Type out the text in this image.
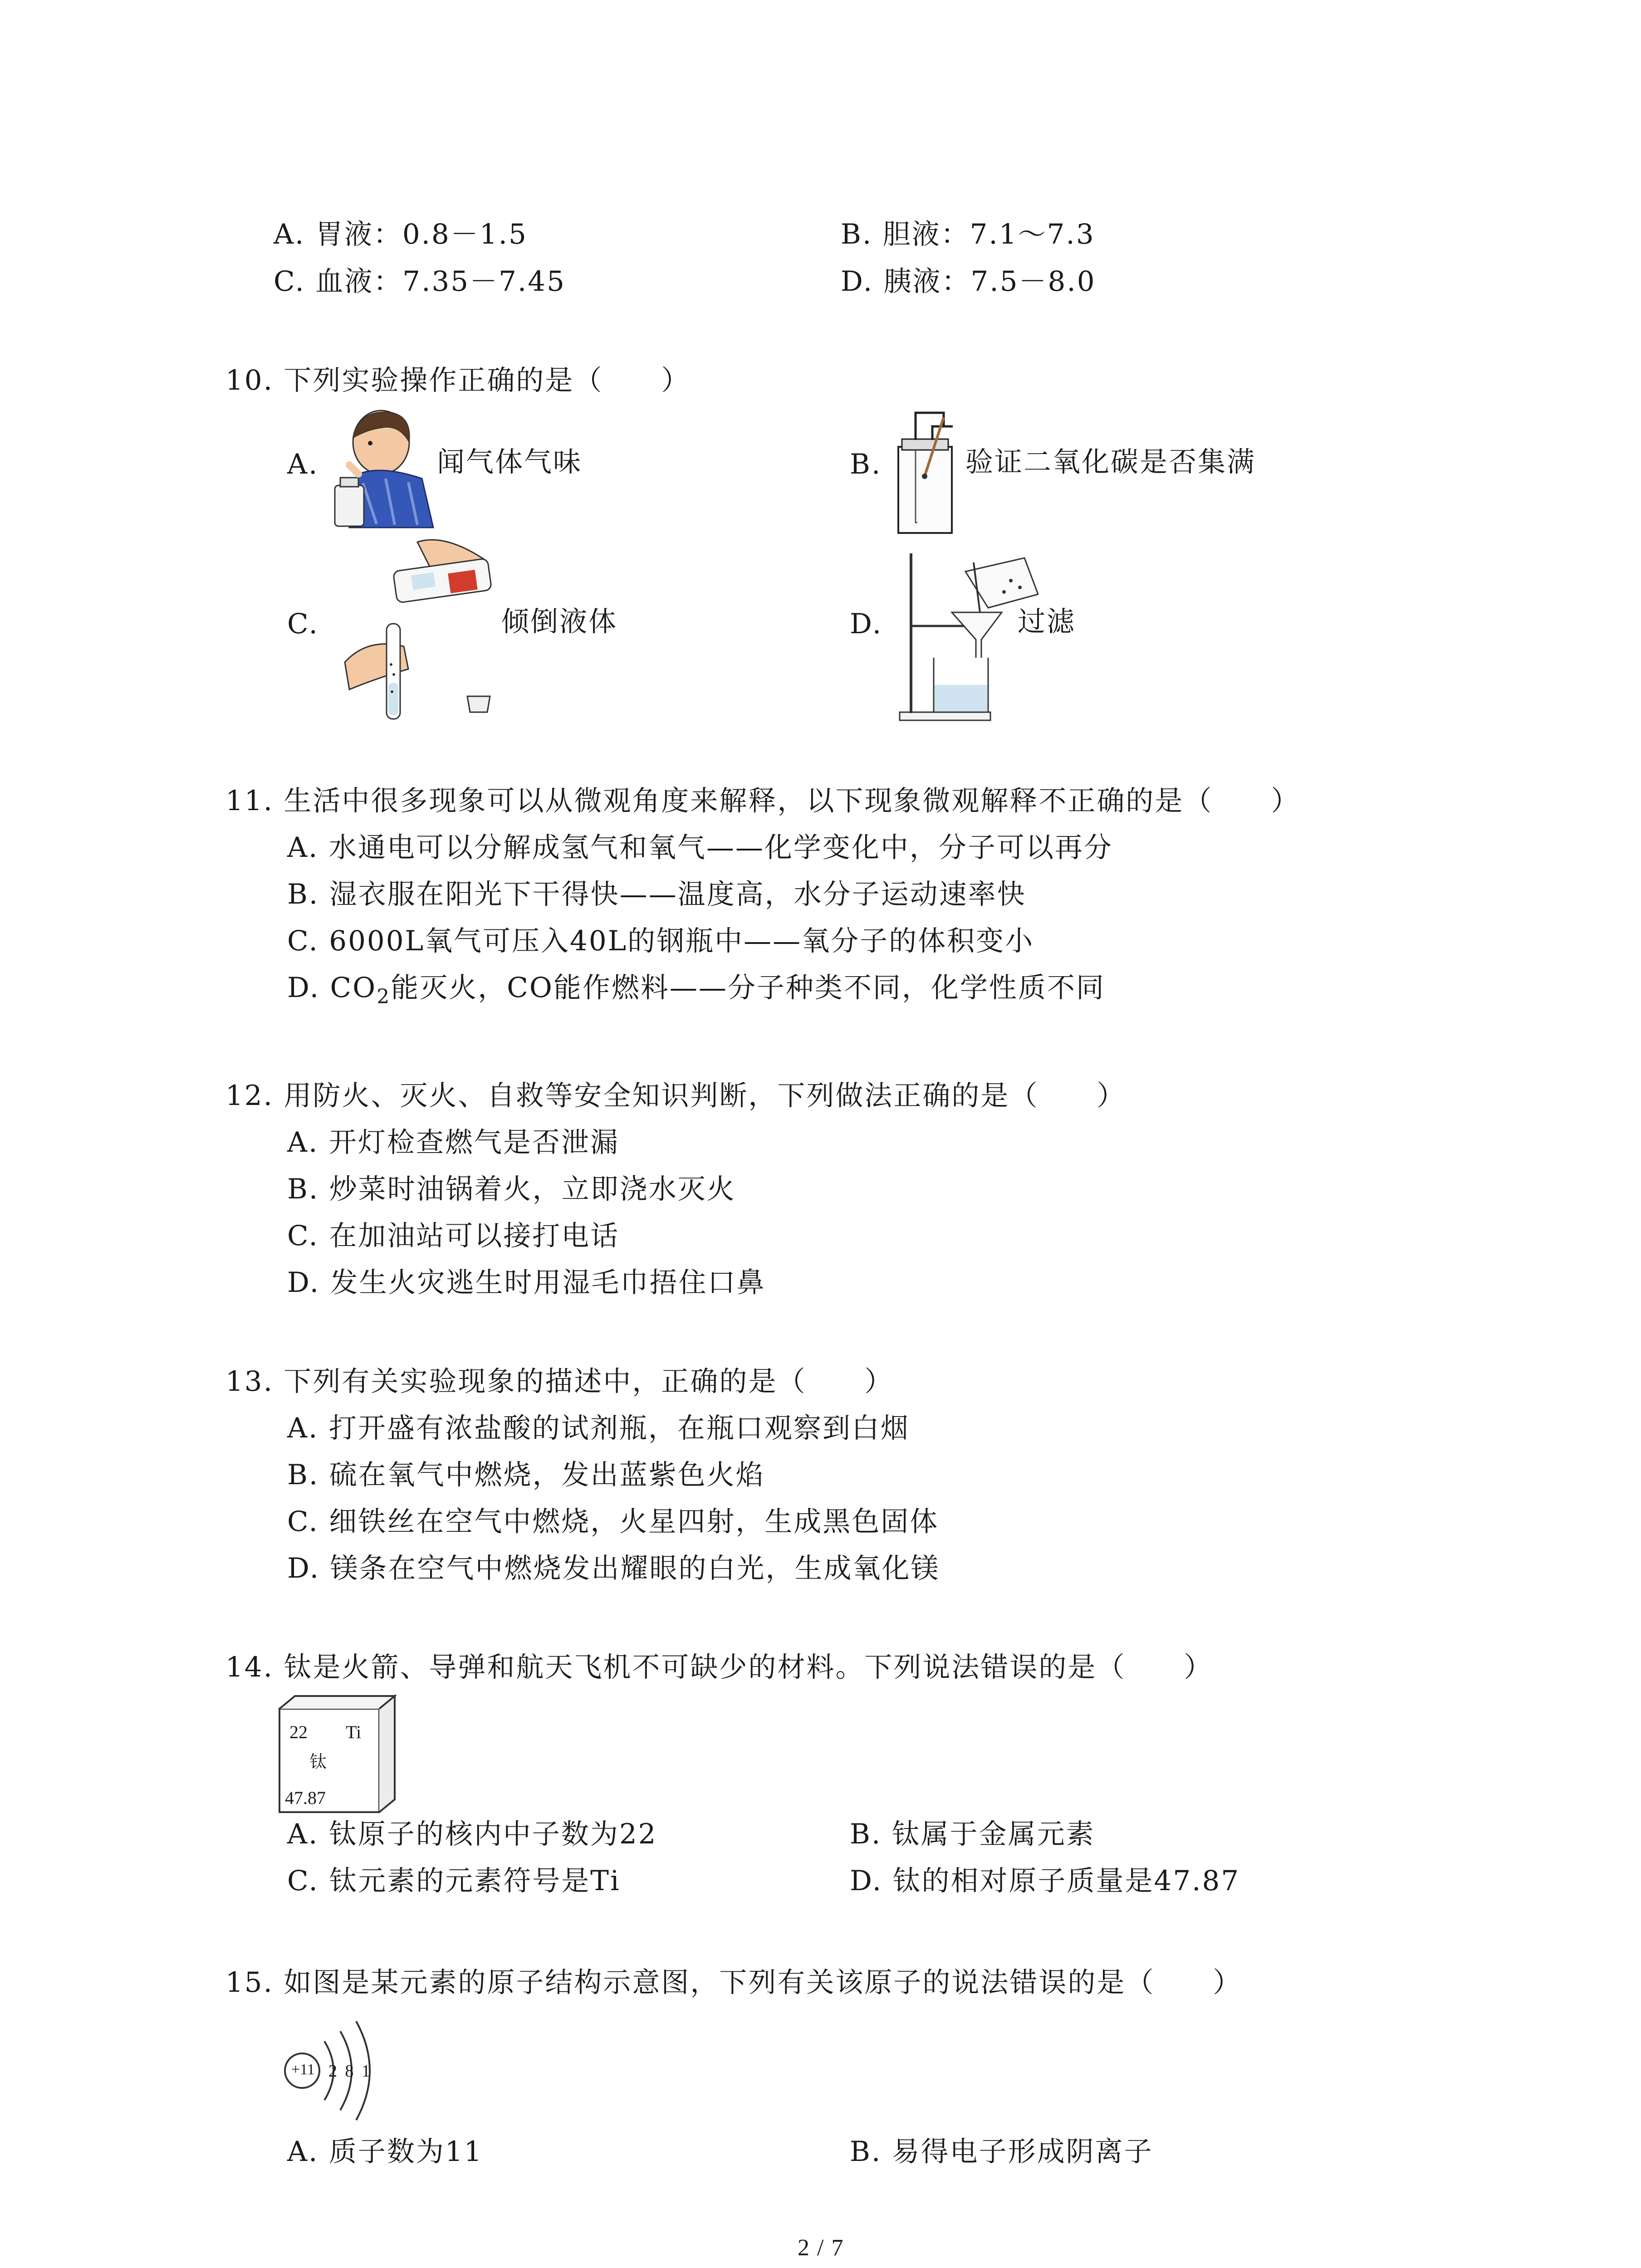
A. 胃液：0.8－1.5	B. 胆液：7.1～7.3
C. 血液：7.35－7.45	D. 胰液：7.5－8.0
10. 下列实验操作正确的是（　　）
A.	闻气体气味	B.	验证二氧化碳是否集满
C.	倾倒液体	D.	过滤
11. 生活中很多现象可以从微观角度来解释，以下现象微观解释不正确的是（　　）
A. 水通电可以分解成氢气和氧气——化学变化中，分子可以再分
B. 湿衣服在阳光下干得快——温度高，水分子运动速率快
C. 6000L氧气可压入40L的钢瓶中——氧分子的体积变小
D. $CO_2$能灭火，CO能作燃料——分子种类不同，化学性质不同
12. 用防火、灭火、自救等安全知识判断，下列做法正确的是（　　）
A. 开灯检查燃气是否泄漏
B. 炒菜时油锅着火，立即浇水灭火
C. 在加油站可以接打电话
D. 发生火灾逃生时用湿毛巾捂住口鼻
13. 下列有关实验现象的描述中，正确的是（　　）
A. 打开盛有浓盐酸的试剂瓶，在瓶口观察到白烟
B. 硫在氧气中燃烧，发出蓝紫色火焰
C. 细铁丝在空气中燃烧，火星四射，生成黑色固体
D. 镁条在空气中燃烧发出耀眼的白光，生成氧化镁
14. 钛是火箭、导弹和航天飞机不可缺少的材料。下列说法错误的是（　　）
22 Ti
钛
47.87
A. 钛原子的核内中子数为22	B. 钛属于金属元素
C. 钛元素的元素符号是Ti	D. 钛的相对原子质量是47.87
15. 如图是某元素的原子结构示意图，下列有关该原子的说法错误的是（　　）
+11 2 8 1
A. 质子数为11	B. 易得电子形成阴离子
2 / 7
